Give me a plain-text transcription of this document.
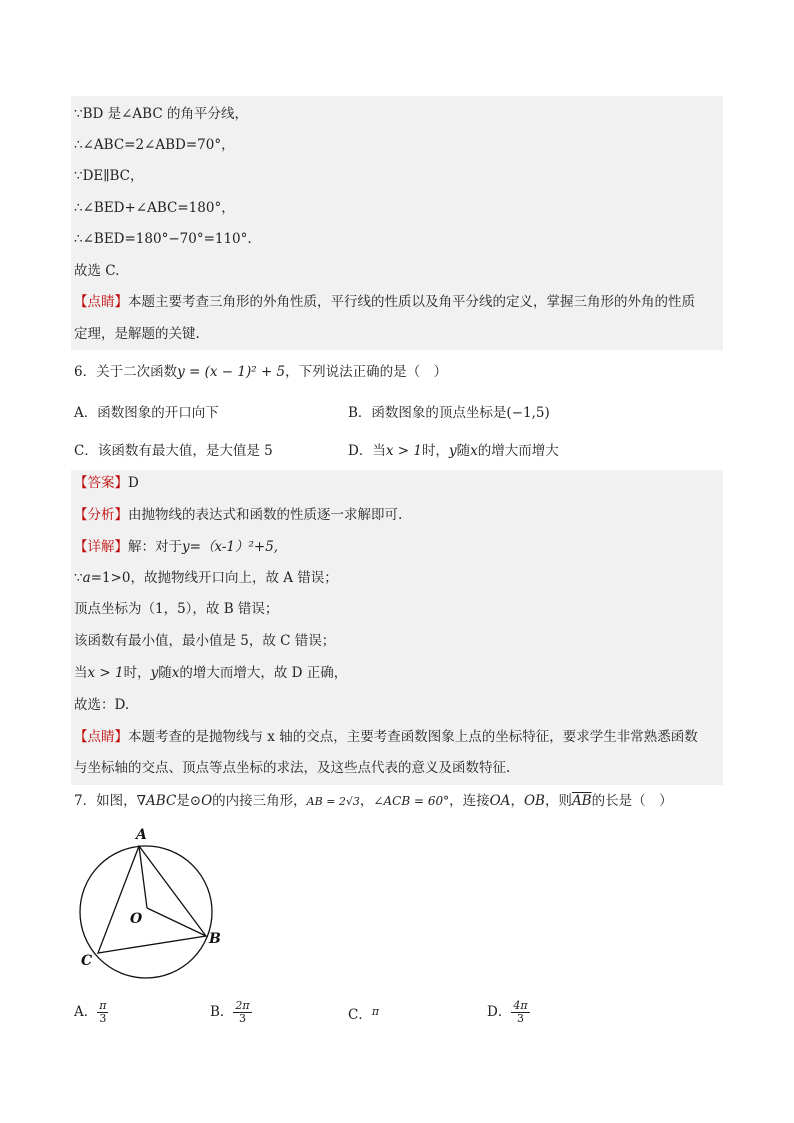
∵BD 是∠ABC 的角平分线，
∴∠ABC=2∠ABD=70°，
∵DE∥BC，
∴∠BED+∠ABC=180°，
∴∠BED=180°−70°=110°.
故选 C.
【点睛】本题主要考查三角形的外角性质，平行线的性质以及角平分线的定义，掌握三角形的外角的性质
定理，是解题的关键.
6．关于二次函数y = (x − 1)² + 5，下列说法正确的是（　）
A．函数图象的开口向下	B．函数图象的顶点坐标是(−1,5)
C．该函数有最大值，是大值是 5	D．当x > 1时，y随x的增大而增大
【答案】D
【分析】由抛物线的表达式和函数的性质逐一求解即可.
【详解】解：对于y=（x-1）²+5,
∵a=1>0，故抛物线开口向上，故 A 错误；
顶点坐标为（1，5），故 B 错误；
该函数有最小值，最小值是 5，故 C 错误；
当x > 1时，y随x的增大而增大，故 D 正确，
故选：D.
【点睛】本题考查的是抛物线与 x 轴的交点，主要考查函数图象上点的坐标特征，要求学生非常熟悉函数
与坐标轴的交点、顶点等点坐标的求法，及这些点代表的意义及函数特征.
7．如图，∇ABC是⊙O的内接三角形，AB = 2√3，∠ACB = 60°，连接OA，OB，则$\overline{AB}$的长是（　）
A
B
C
O
A． $\frac{\pi}{3}$	B． $\frac{2\pi}{3}$	C．$^\pi$	D． $\frac{4\pi}{3}$
